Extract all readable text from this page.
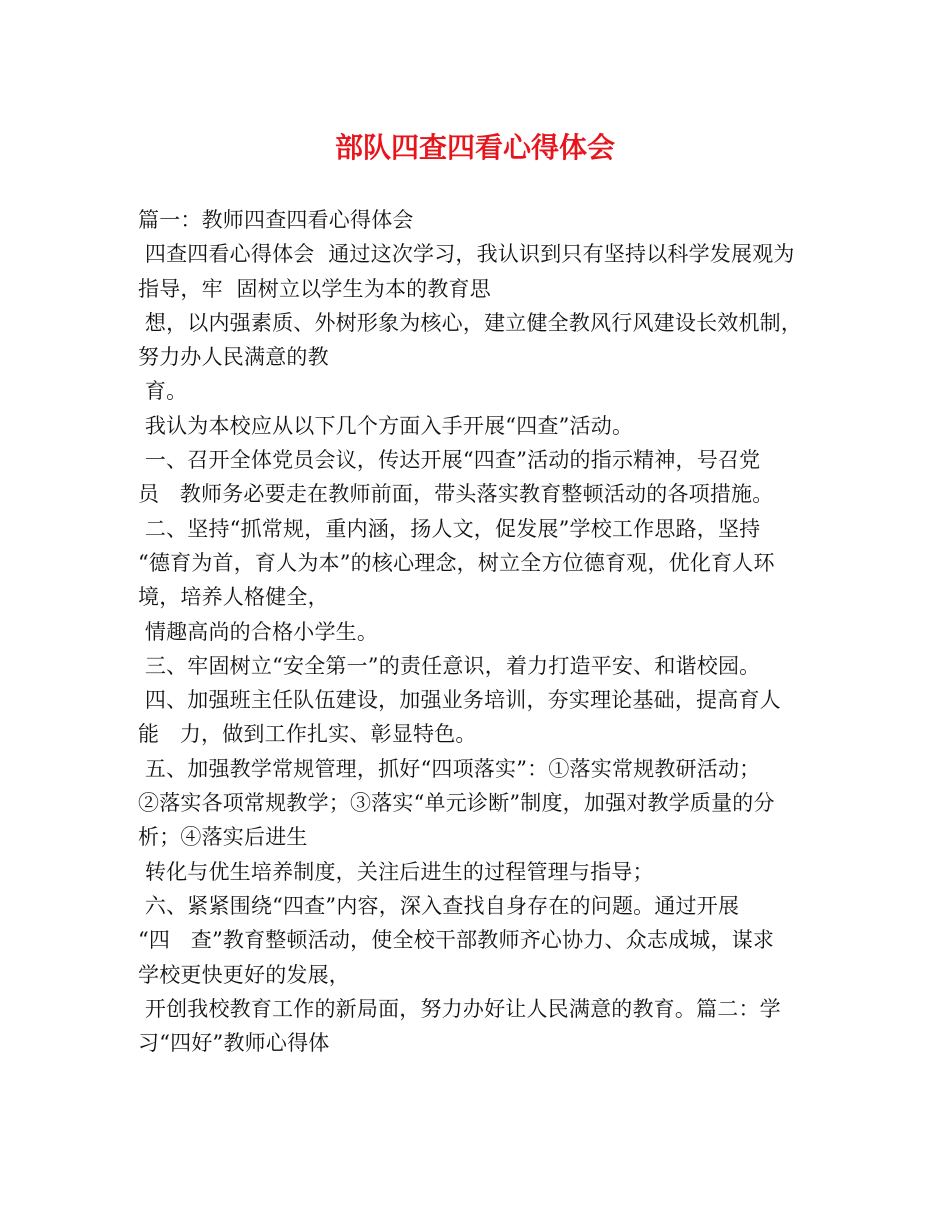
部队四查四看心得体会
篇一：教师四查四看心得体会
四查四看心得体会  通过这次学习，我认识到只有坚持以科学发展观为
指导，牢  固树立以学生为本的教育思
想，以内强素质、外树形象为核心，建立健全教风行风建设长效机制，
努力办人民满意的教
育。
我认为本校应从以下几个方面入手开展“四查”活动。
一、召开全体党员会议，传达开展“四查”活动的指示精神，号召党
员   教师务必要走在教师前面，带头落实教育整顿活动的各项措施。
二、坚持“抓常规，重内涵，扬人文，促发展”学校工作思路，坚持
“德育为首，育人为本”的核心理念，树立全方位德育观，优化育人环
境，培养人格健全，
情趣高尚的合格小学生。
三、牢固树立“安全第一”的责任意识，着力打造平安、和谐校园。
四、加强班主任队伍建设，加强业务培训，夯实理论基础，提高育人
能   力，做到工作扎实、彰显特色。
五、加强教学常规管理，抓好“四项落实”：①落实常规教研活动；
②落实各项常规教学；③落实“单元诊断”制度，加强对教学质量的分
析；④落实后进生
转化与优生培养制度，关注后进生的过程管理与指导；
六、紧紧围绕“四查”内容，深入查找自身存在的问题。通过开展
“四   查”教育整顿活动，使全校干部教师齐心协力、众志成城，谋求
学校更快更好的发展，
开创我校教育工作的新局面，努力办好让人民满意的教育。篇二：学
习“四好”教师心得体
